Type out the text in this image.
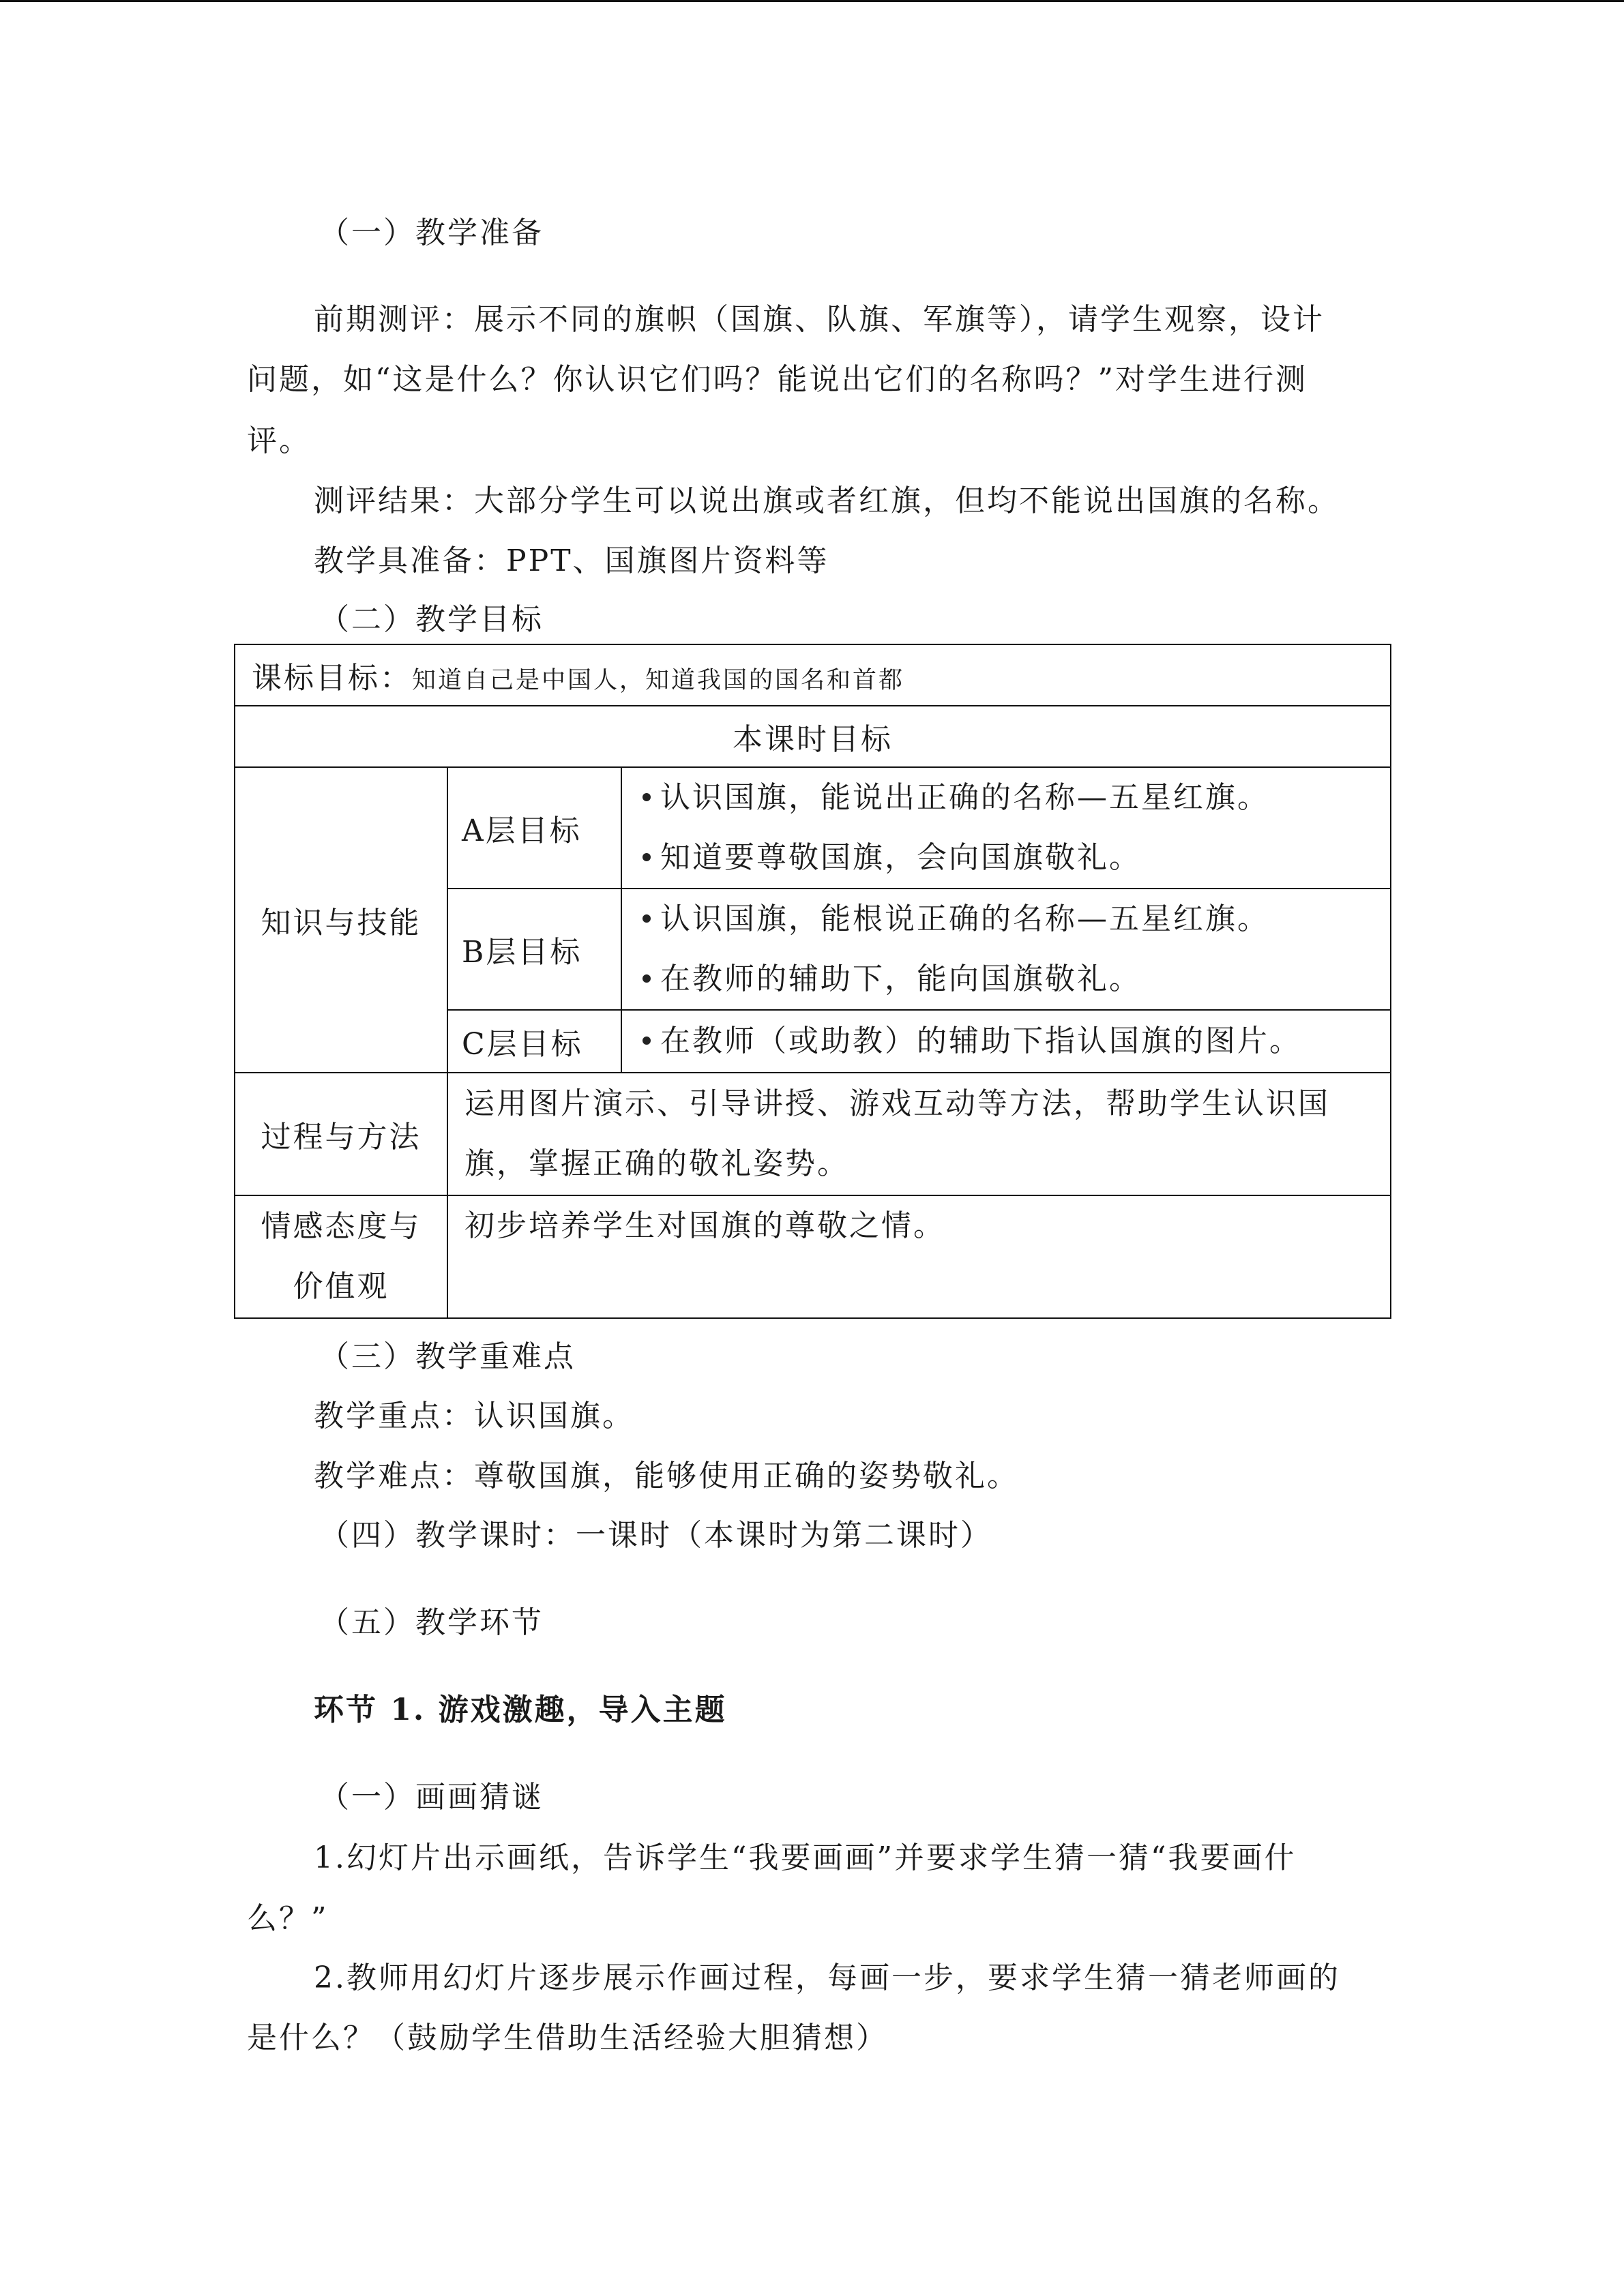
（一）教学准备
前期测评：展示不同的旗帜（国旗、队旗、军旗等），请学生观察，设计
问题，如“这是什么？你认识它们吗？能说出它们的名称吗？”对学生进行测
评。
测评结果：大部分学生可以说出旗或者红旗，但均不能说出国旗的名称。
教学具准备：PPT、国旗图片资料等
（二）教学目标
课标目标：知道自己是中国人，知道我国的国名和首都		
本课时目标		
知识与技能	A层目标	认识国旗，能说出正确的名称—五星红旗。
知道要尊敬国旗，会向国旗敬礼。

	B层目标	认识国旗，能根说正确的名称—五星红旗。
在教师的辅助下，能向国旗敬礼。

	C层目标	在教师（或助教）的辅助下指认国旗的图片。

过程与方法	运用图片演示、引导讲授、游戏互动等方法，帮助学生认识国
旗，掌握正确的敬礼姿势。	

情感态度与
价值观	初步培养学生对国旗的尊敬之情。	
（三）教学重难点
教学重点：认识国旗。
教学难点：尊敬国旗，能够使用正确的姿势敬礼。
（四）教学课时：一课时（本课时为第二课时）
（五）教学环节
环节 1. 游戏激趣，导入主题
（一）画画猜谜
1.幻灯片出示画纸，告诉学生“我要画画”并要求学生猜一猜“我要画什
么？”
2.教师用幻灯片逐步展示作画过程，每画一步，要求学生猜一猜老师画的
是什么？（鼓励学生借助生活经验大胆猜想）
